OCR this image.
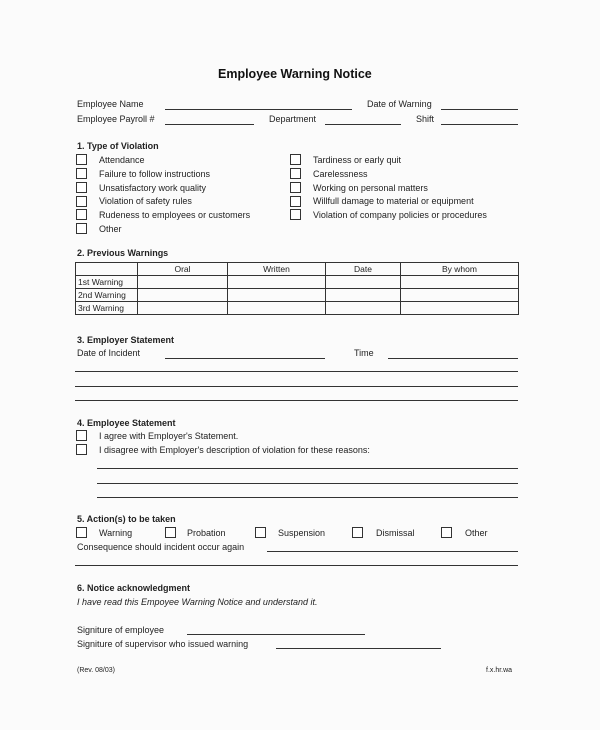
Employee Warning Notice
Employee Name	Date of Warning
Employee Payroll #	Department	Shift
1. Type of Violation
Attendance
Failure to follow instructions
Unsatisfactory work quality
Violation of safety rules
Rudeness to employees or customers
Other
Tardiness or early quit
Carelessness
Working on personal matters
Willfull damage to material or equipment
Violation of company policies or procedures
2. Previous Warnings
	Oral	Written	Date	By whom
1st Warning				
2nd Warning				
3rd Warning				
3. Employer Statement
Date of Incident	Time
4. Employee Statement
I agree with Employer's Statement.
I disagree with Employer's description of violation for these reasons:
5. Action(s) to be taken
Warning	Probation	Suspension	Dismissal	Other
Consequence should incident occur again
6. Notice acknowledgment
I have read this Empoyee Warning Notice and understand it.
Signiture of employee
Signiture of supervisor who issued warning
(Rev. 08/03)	f.x.hr.wa
